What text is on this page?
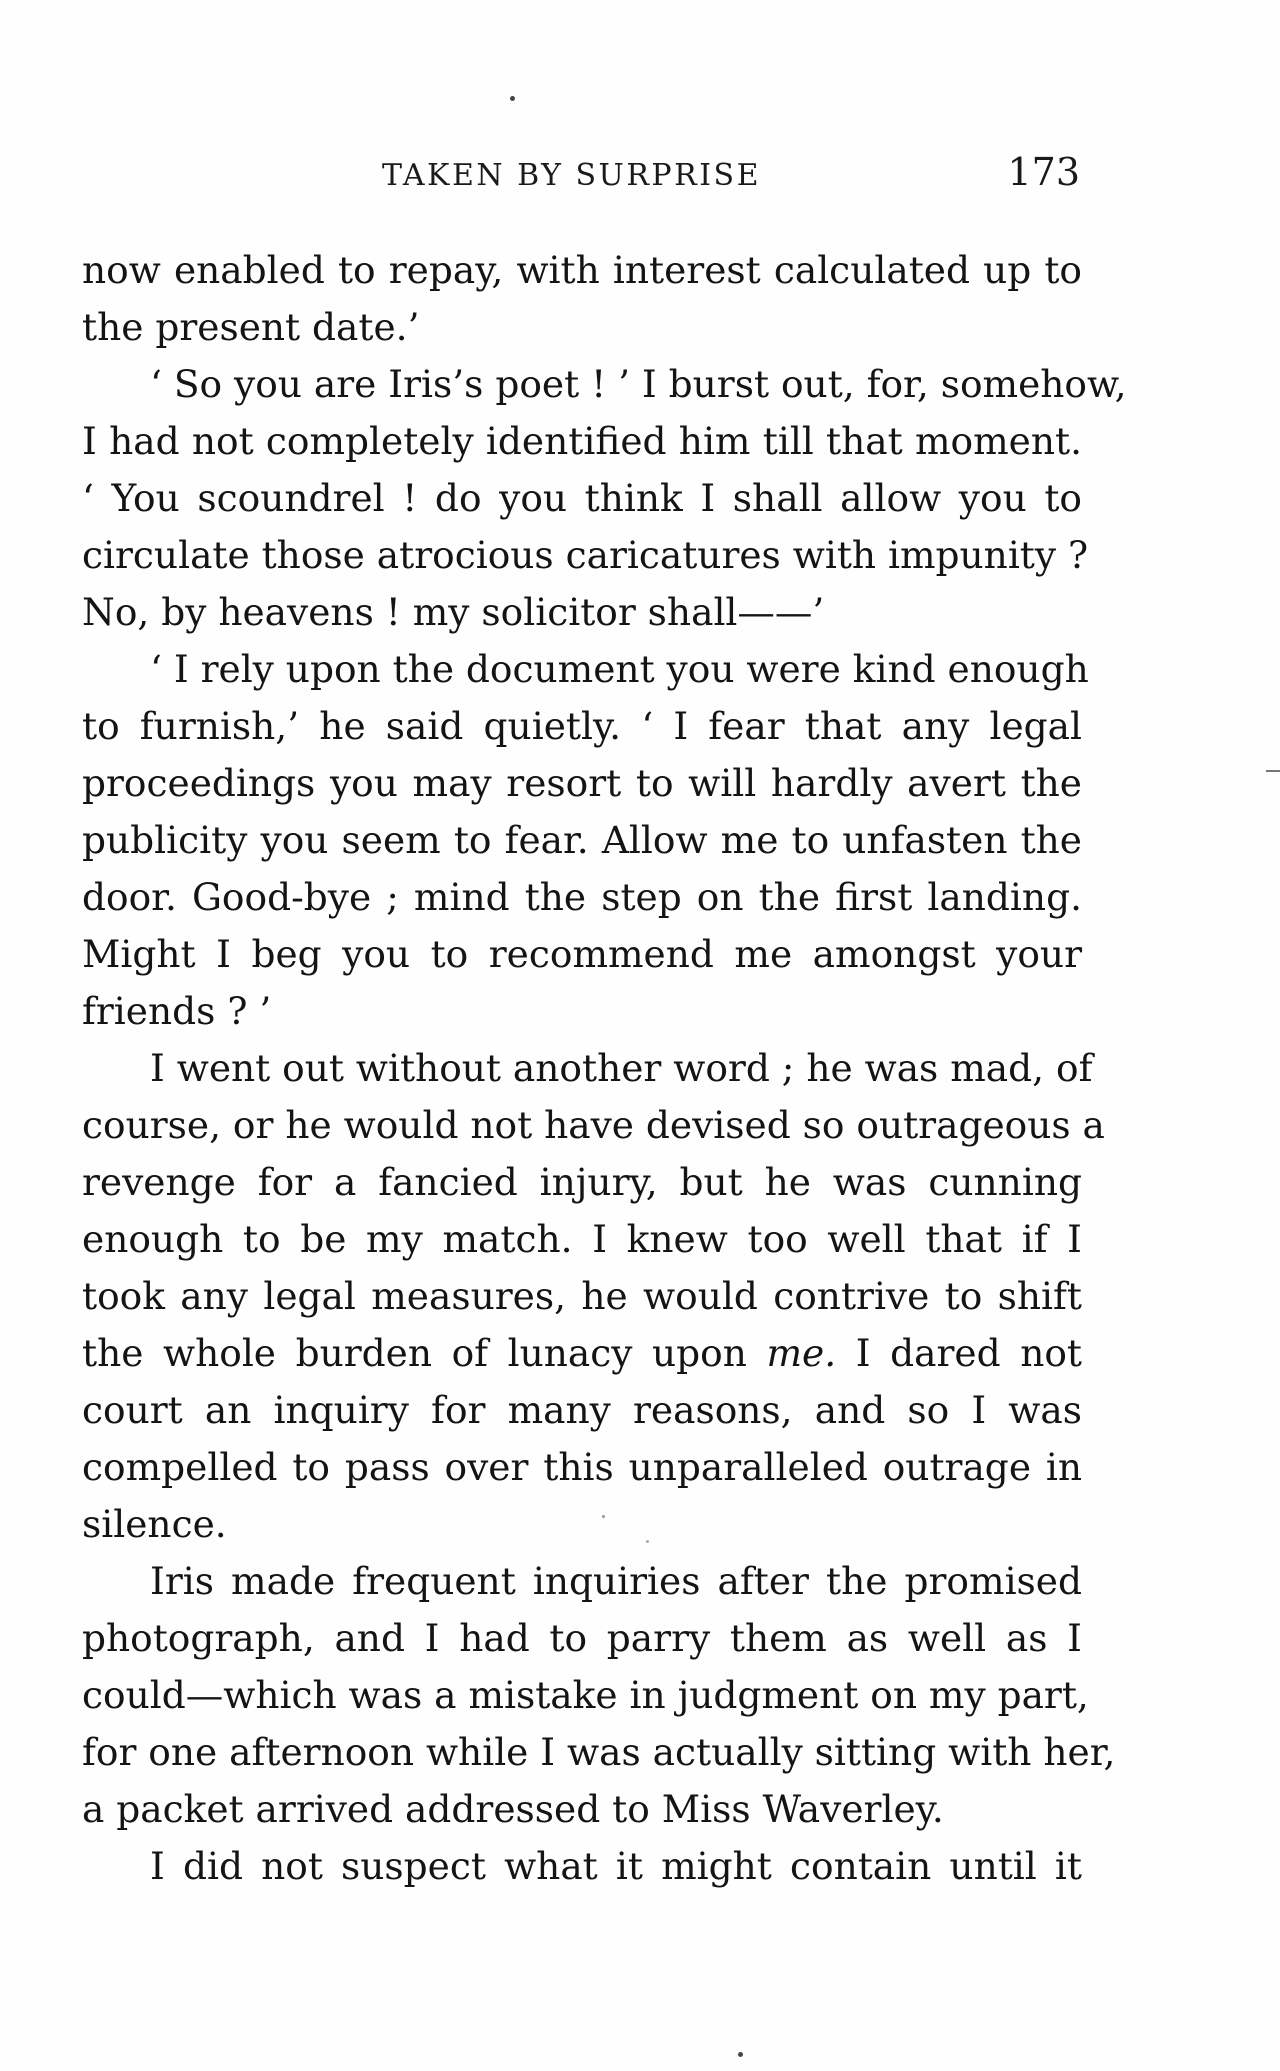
TAKEN BY SURPRISE	173
now enabled to repay, with interest calculated up to
the present date.’
‘ So you are Iris’s poet ! ’ I burst out, for, somehow,
I had not completely identified him till that moment.
‘ You scoundrel ! do you think I shall allow you to
circulate those atrocious caricatures with impunity ?
No, by heavens ! my solicitor shall——’
‘ I rely upon the document you were kind enough
to furnish,’ he said quietly. ‘ I fear that any legal
proceedings you may resort to will hardly avert the
publicity you seem to fear. Allow me to unfasten the
door. Good-bye ; mind the step on the first landing.
Might I beg you to recommend me amongst your
friends ? ’
I went out without another word ; he was mad, of
course, or he would not have devised so outrageous a
revenge for a fancied injury, but he was cunning
enough to be my match. I knew too well that if I
took any legal measures, he would contrive to shift
the whole burden of lunacy upon me. I dared not
court an inquiry for many reasons, and so I was
compelled to pass over this unparalleled outrage in
silence.
Iris made frequent inquiries after the promised
photograph, and I had to parry them as well as I
could—which was a mistake in judgment on my part,
for one afternoon while I was actually sitting with her,
a packet arrived addressed to Miss Waverley.
I did not suspect what it might contain until it
